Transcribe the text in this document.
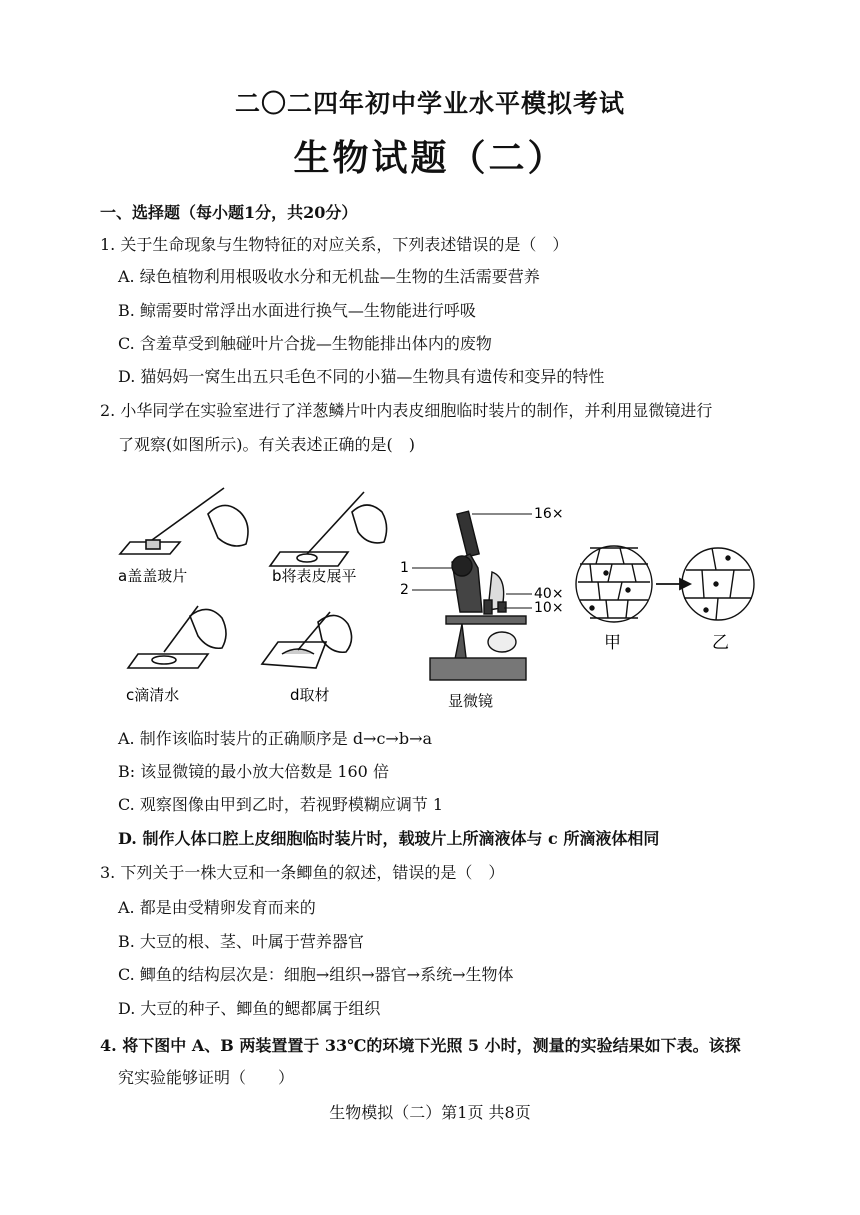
二〇二四年初中学业水平模拟考试
生物试题（二）
一、选择题（每小题1分，共20分）
1. 关于生命现象与生物特征的对应关系，下列表述错误的是（　）
A. 绿色植物利用根吸收水分和无机盐—生物的生活需要营养
B. 鲸需要时常浮出水面进行换气—生物能进行呼吸
C. 含羞草受到触碰叶片合拢—生物能排出体内的废物
D. 猫妈妈一窝生出五只毛色不同的小猫—生物具有遗传和变异的特性
2. 小华同学在实验室进行了洋葱鳞片叶内表皮细胞临时装片的制作，并利用显微镜进行
了观察(如图所示)。有关表述正确的是(　)
a盖盖玻片	b将表皮展平
c滴清水	d取材
16×
1
2	40×
10×
显微镜
甲	乙
A. 制作该临时装片的正确顺序是 d→c→b→a
B: 该显微镜的最小放大倍数是 160 倍
C. 观察图像由甲到乙时，若视野模糊应调节 1
D. 制作人体口腔上皮细胞临时装片时，载玻片上所滴液体与 c 所滴液体相同
3. 下列关于一株大豆和一条鲫鱼的叙述，错误的是（　）
A. 都是由受精卵发育而来的
B. 大豆的根、茎、叶属于营养器官
C. 鲫鱼的结构层次是：细胞→组织→器官→系统→生物体
D. 大豆的种子、鲫鱼的鳃都属于组织
4. 将下图中 A、B 两装置置于 33℃的环境下光照 5 小时，测量的实验结果如下表。该探
究实验能够证明（　　）
生物模拟（二）第1页 共8页
